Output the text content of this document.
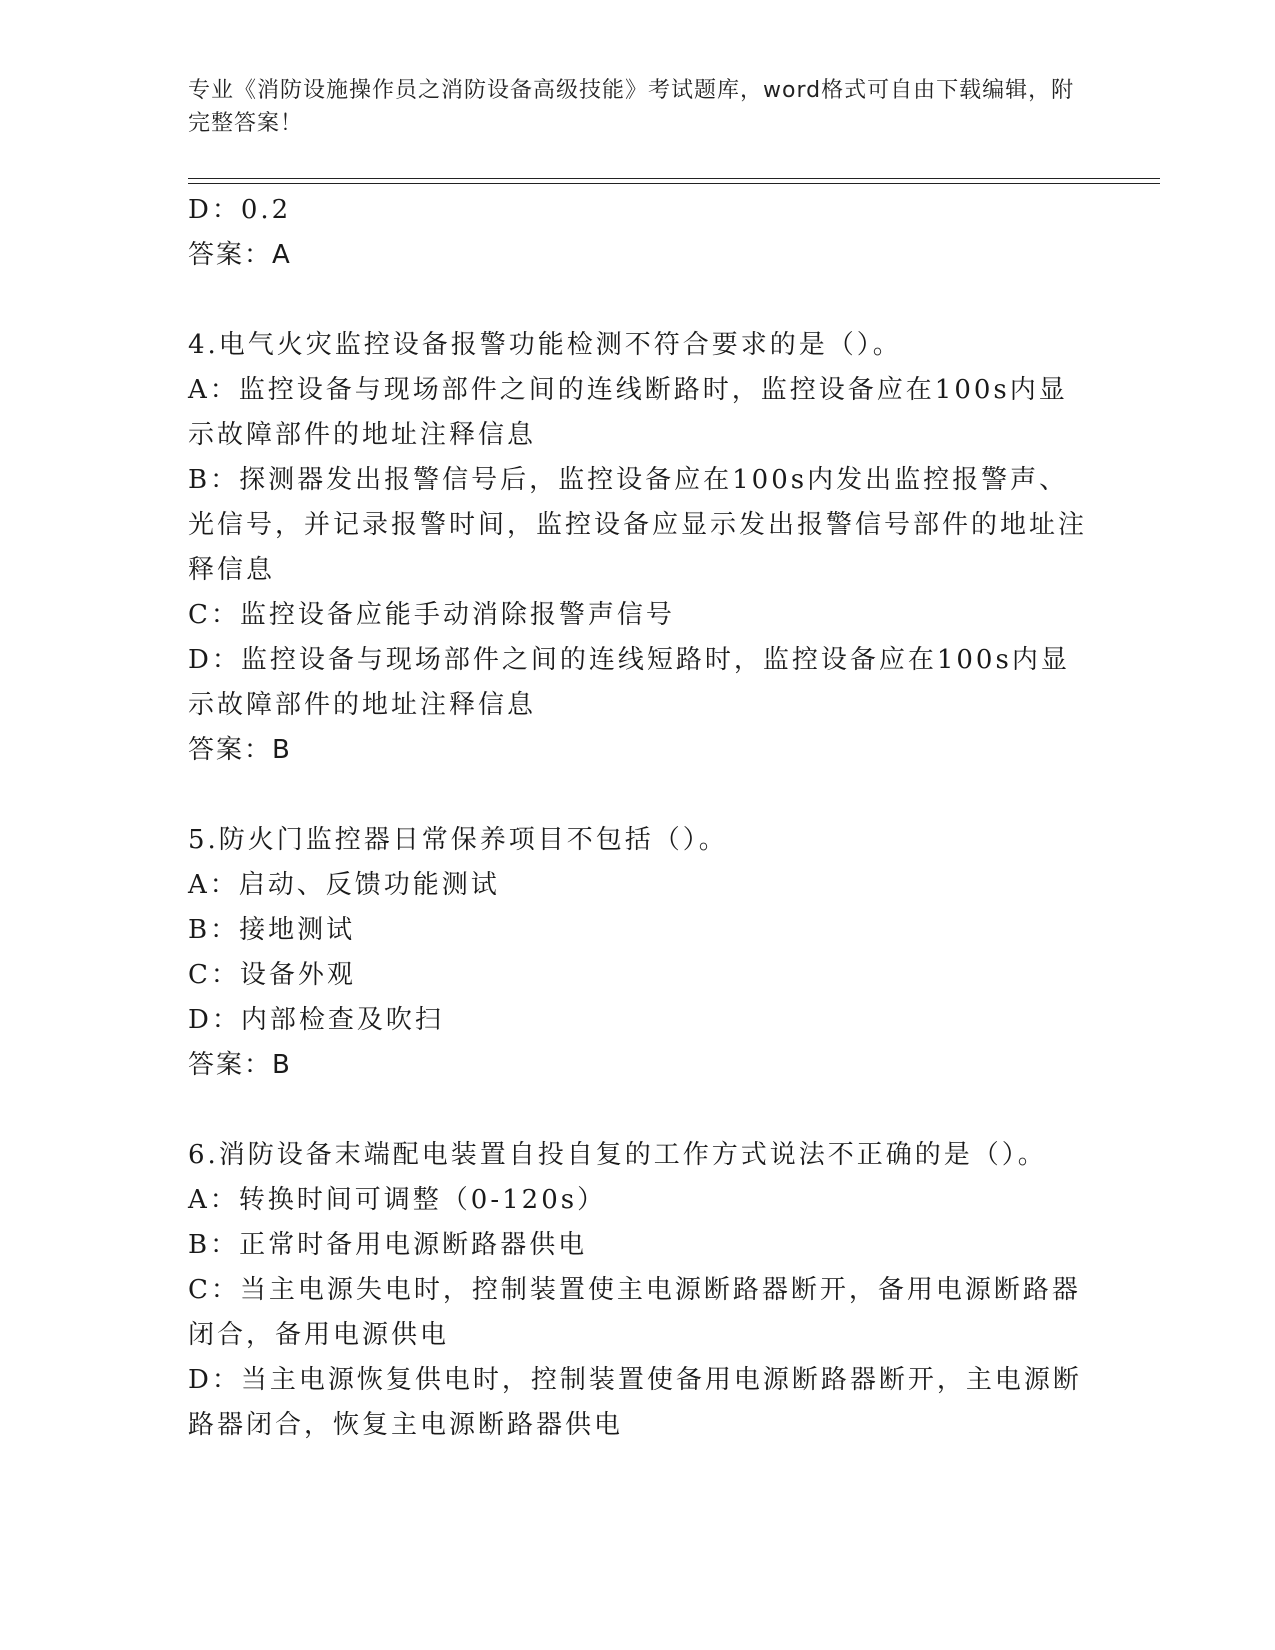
专业《消防设施操作员之消防设备高级技能》考试题库，word格式可自由下载编辑，附完整答案！
D：0.2
答案：A
4.电气火灾监控设备报警功能检测不符合要求的是（）。
A：监控设备与现场部件之间的连线断路时，监控设备应在100s内显示故障部件的地址注释信息
B：探测器发出报警信号后，监控设备应在100s内发出监控报警声、光信号，并记录报警时间，监控设备应显示发出报警信号部件的地址注释信息
C：监控设备应能手动消除报警声信号
D：监控设备与现场部件之间的连线短路时，监控设备应在100s内显示故障部件的地址注释信息
答案：B
5.防火门监控器日常保养项目不包括（）。
A：启动、反馈功能测试
B：接地测试
C：设备外观
D：内部检查及吹扫
答案：B
6.消防设备末端配电装置自投自复的工作方式说法不正确的是（）。
A：转换时间可调整（0-120s）
B：正常时备用电源断路器供电
C：当主电源失电时，控制装置使主电源断路器断开，备用电源断路器闭合，备用电源供电
D：当主电源恢复供电时，控制装置使备用电源断路器断开，主电源断路器闭合，恢复主电源断路器供电
